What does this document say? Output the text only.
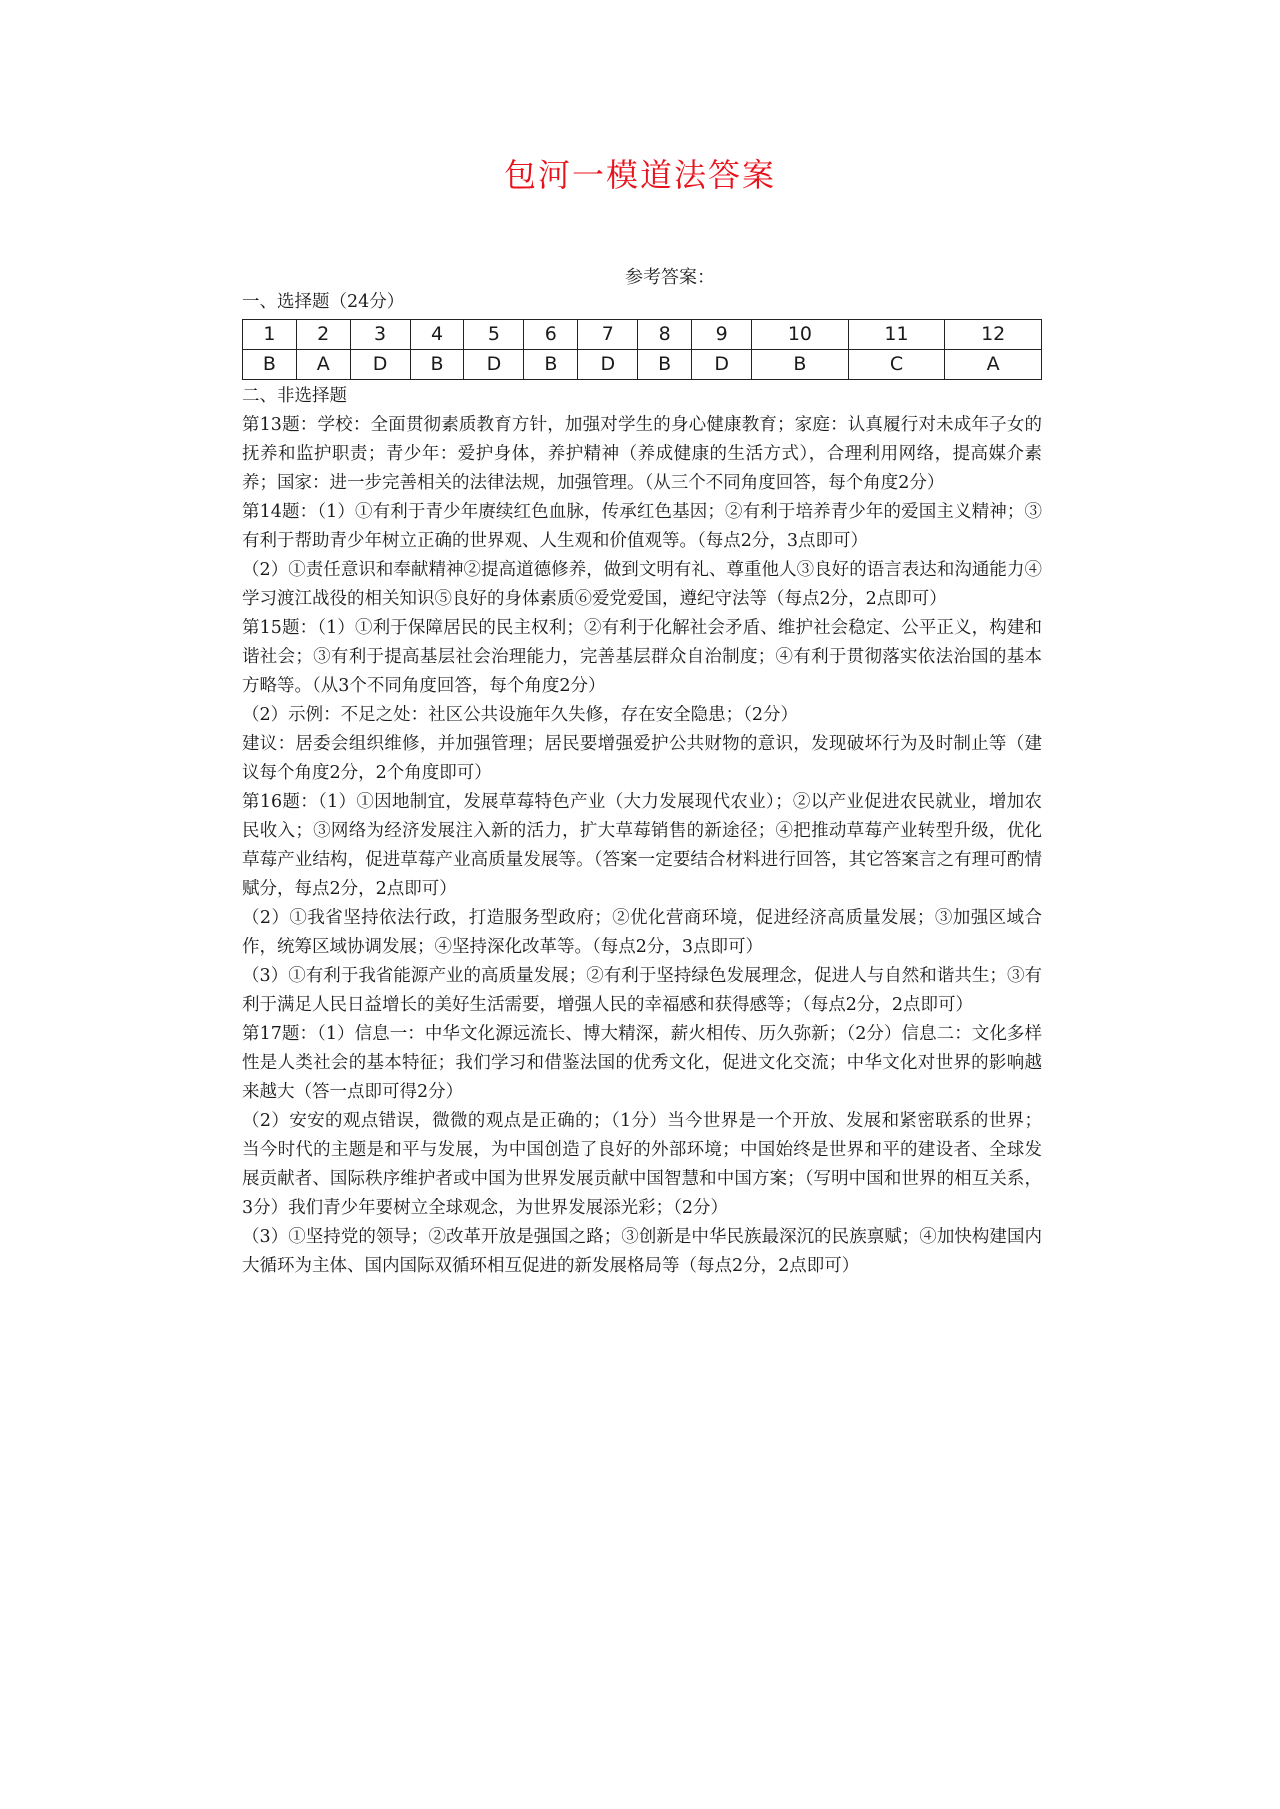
包河一模道法答案
参考答案：

一、选择题（24分）

1	2	3	4	5	6	7	8	9	10	11	12
B	A	D	B	D	B	D	B	D	B	C	A

二、非选择题

第13题：学校：全面贯彻素质教育方针，加强对学生的身心健康教育；家庭：认真履行对未成年子女的抚养和监护职责；青少年：爱护身体，养护精神（养成健康的生活方式），合理利用网络，提高媒介素养；国家：进一步完善相关的法律法规，加强管理。（从三个不同角度回答，每个角度2分）

第14题：（1）①有利于青少年赓续红色血脉，传承红色基因；②有利于培养青少年的爱国主义精神；③有利于帮助青少年树立正确的世界观、人生观和价值观等。（每点2分，3点即可）

（2）①责任意识和奉献精神②提高道德修养，做到文明有礼、尊重他人③良好的语言表达和沟通能力④学习渡江战役的相关知识⑤良好的身体素质⑥爱党爱国，遵纪守法等（每点2分，2点即可）

第15题：（1）①利于保障居民的民主权利；②有利于化解社会矛盾、维护社会稳定、公平正义，构建和谐社会；③有利于提高基层社会治理能力，完善基层群众自治制度；④有利于贯彻落实依法治国的基本方略等。（从3个不同角度回答，每个角度2分）

（2）示例：不足之处：社区公共设施年久失修，存在安全隐患；（2分）

建议：居委会组织维修，并加强管理；居民要增强爱护公共财物的意识，发现破坏行为及时制止等（建议每个角度2分，2个角度即可）

第16题：（1）①因地制宜，发展草莓特色产业（大力发展现代农业）；②以产业促进农民就业，增加农民收入；③网络为经济发展注入新的活力，扩大草莓销售的新途径；④把推动草莓产业转型升级，优化草莓产业结构，促进草莓产业高质量发展等。（答案一定要结合材料进行回答，其它答案言之有理可酌情赋分，每点2分，2点即可）

（2）①我省坚持依法行政，打造服务型政府；②优化营商环境，促进经济高质量发展；③加强区域合作，统筹区域协调发展；④坚持深化改革等。（每点2分，3点即可）

（3）①有利于我省能源产业的高质量发展；②有利于坚持绿色发展理念，促进人与自然和谐共生；③有利于满足人民日益增长的美好生活需要，增强人民的幸福感和获得感等；（每点2分，2点即可）

第17题：（1）信息一：中华文化源远流长、博大精深，薪火相传、历久弥新；（2分）信息二：文化多样性是人类社会的基本特征；我们学习和借鉴法国的优秀文化，促进文化交流；中华文化对世界的影响越来越大（答一点即可得2分）

（2）安安的观点错误，微微的观点是正确的；（1分）当今世界是一个开放、发展和紧密联系的世界；当今时代的主题是和平与发展，为中国创造了良好的外部环境；中国始终是世界和平的建设者、全球发展贡献者、国际秩序维护者或中国为世界发展贡献中国智慧和中国方案；（写明中国和世界的相互关系，3分）我们青少年要树立全球观念，为世界发展添光彩；（2分）

（3）①坚持党的领导；②改革开放是强国之路；③创新是中华民族最深沉的民族禀赋；④加快构建国内大循环为主体、国内国际双循环相互促进的新发展格局等（每点2分，2点即可）
